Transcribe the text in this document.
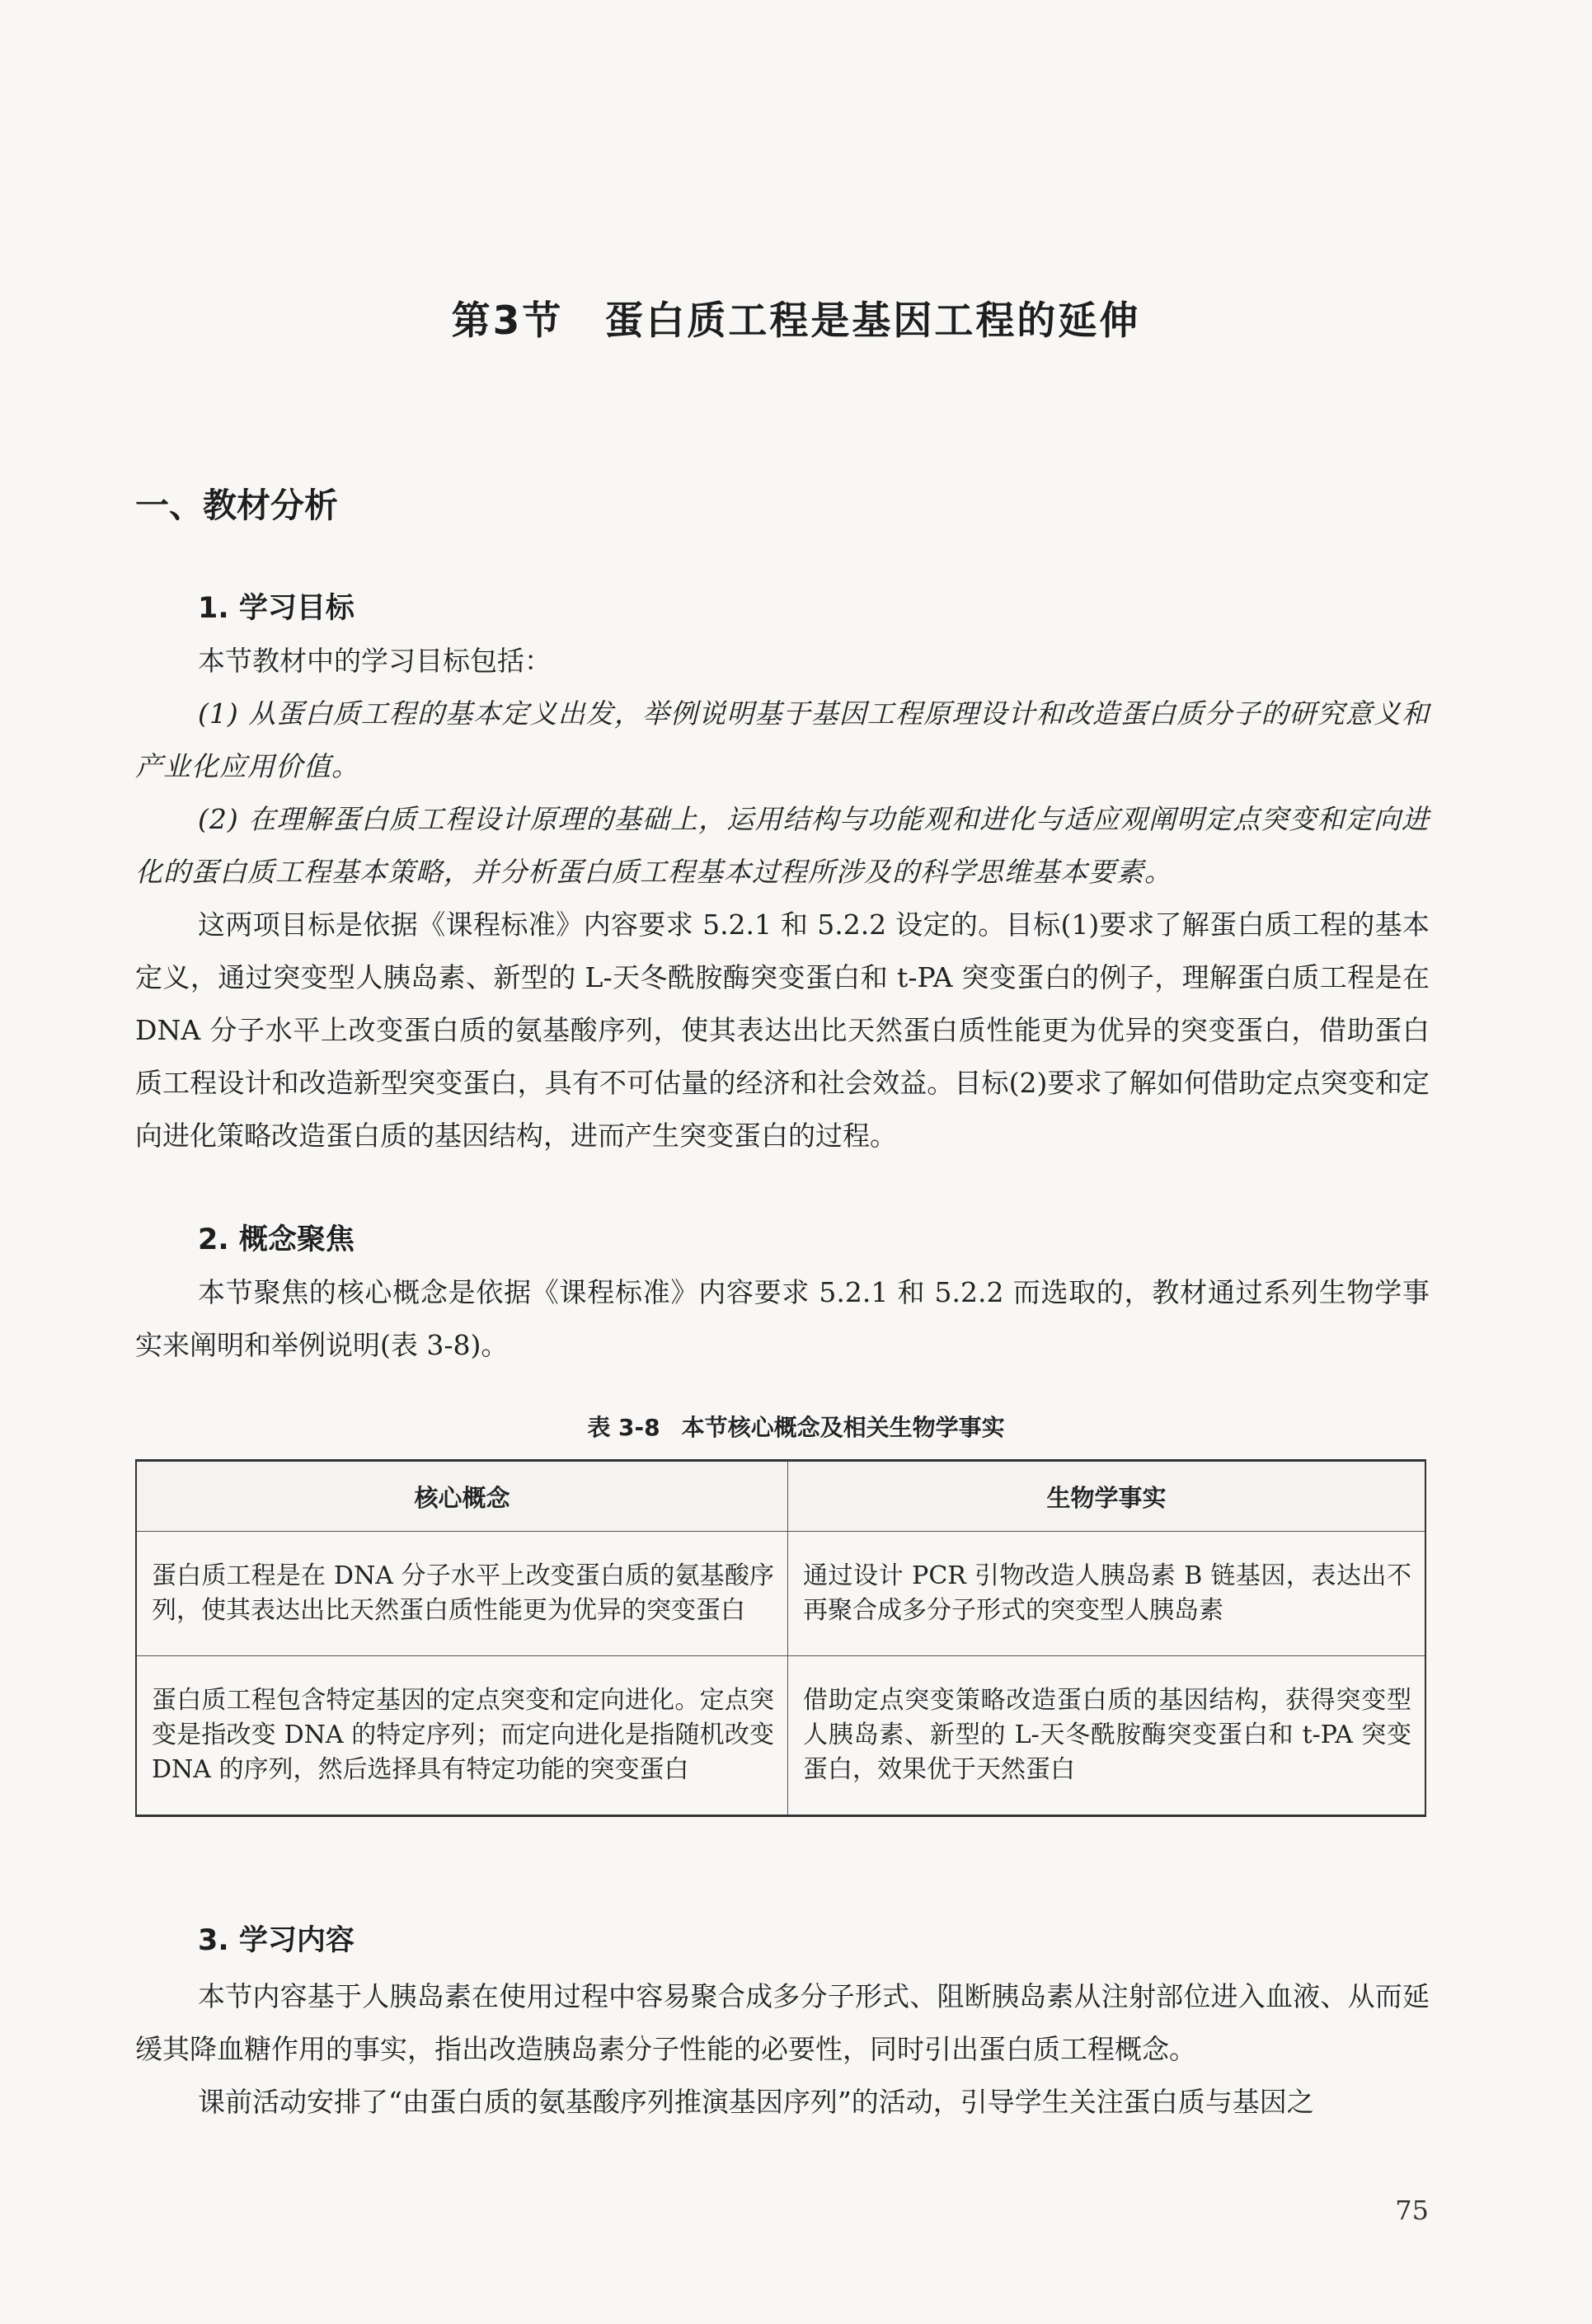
第3节 蛋白质工程是基因工程的延伸
一、教材分析
1. 学习目标

本节教材中的学习目标包括：

(1) 从蛋白质工程的基本定义出发，举例说明基于基因工程原理设计和改造蛋白质分子的研究意义和产业化应用价值。

(2) 在理解蛋白质工程设计原理的基础上，运用结构与功能观和进化与适应观阐明定点突变和定向进化的蛋白质工程基本策略，并分析蛋白质工程基本过程所涉及的科学思维基本要素。

这两项目标是依据《课程标准》内容要求 5.2.1 和 5.2.2 设定的。目标(1)要求了解蛋白质工程的基本定义，通过突变型人胰岛素、新型的 L-天冬酰胺酶突变蛋白和 t-PA 突变蛋白的例子，理解蛋白质工程是在 DNA 分子水平上改变蛋白质的氨基酸序列，使其表达出比天然蛋白质性能更为优异的突变蛋白，借助蛋白质工程设计和改造新型突变蛋白，具有不可估量的经济和社会效益。目标(2)要求了解如何借助定点突变和定向进化策略改造蛋白质的基因结构，进而产生突变蛋白的过程。

2. 概念聚焦

本节聚焦的核心概念是依据《课程标准》内容要求 5.2.1 和 5.2.2 而选取的，教材通过系列生物学事实来阐明和举例说明(表 3-8)。

表 3-8 本节核心概念及相关生物学事实

核心概念	生物学事实
蛋白质工程是在 DNA 分子水平上改变蛋白质的氨基酸序列，使其表达出比天然蛋白质性能更为优异的突变蛋白	通过设计 PCR 引物改造人胰岛素 B 链基因，表达出不再聚合成多分子形式的突变型人胰岛素
蛋白质工程包含特定基因的定点突变和定向进化。定点突变是指改变 DNA 的特定序列；而定向进化是指随机改变 DNA 的序列，然后选择具有特定功能的突变蛋白	借助定点突变策略改造蛋白质的基因结构，获得突变型人胰岛素、新型的 L-天冬酰胺酶突变蛋白和 t-PA 突变蛋白，效果优于天然蛋白
3. 学习内容

本节内容基于人胰岛素在使用过程中容易聚合成多分子形式、阻断胰岛素从注射部位进入血液、从而延缓其降血糖作用的事实，指出改造胰岛素分子性能的必要性，同时引出蛋白质工程概念。

课前活动安排了“由蛋白质的氨基酸序列推演基因序列”的活动，引导学生关注蛋白质与基因之

75
